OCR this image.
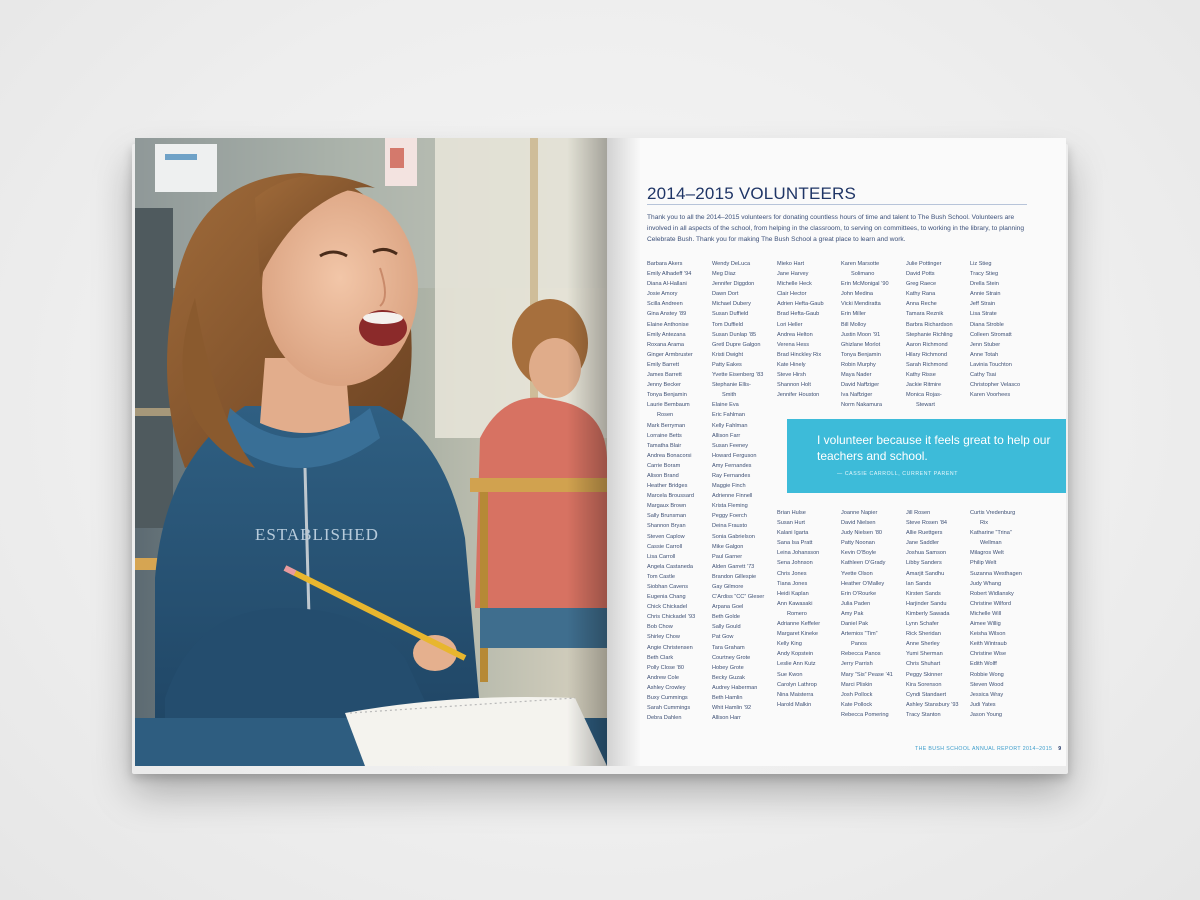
ESTABLISHED
2014–2015 VOLUNTEERS
Thank you to all the 2014–2015 volunteers for donating countless hours of time and talent to The Bush School. Volunteers are involved in all aspects of the school, from helping in the classroom, to serving on committees, to working in the library, to planning Celebrate Bush. Thank you for making The Bush School a great place to learn and work.
Barbara Akers
Emily Alhadeff ’94
Diana Al-Hallani
Josie Amory
Scilla Andreen
Gina Anstey ’89
Elaine Anthonise
Emily Antezana
Roxana Arama
Ginger Armbruster
Emily Barrett
James Barrett
Jenny Becker
Tonya Benjamin
Laurie Bembaum
Rosen
Mark Berryman
Lorraine Betts
Tamatha Blair
Andrea Bonacorsi
Carrie Boram
Alison Brand
Heather Bridges
Marcela Broussard
Margaux Brown
Sally Brunsman
Shannon Bryan
Steven Caplow
Cassie Carroll
Lisa Carroll
Angela Castaneda
Tom Castle
Siobhan Cavens
Eugenia Chang
Chick Chickadel
Chris Chickadel ’93
Bob Chow
Shirley Chow
Angie Christensen
Beth Clark
Polly Close ’80
Andrew Cole
Ashley Crowley
Buxy Cummings
Sarah Cummings
Debra Dahlen
Wendy DeLuca
Meg Diaz
Jennifer Diggdon
Dawn Dort
Michael Dubery
Susan Duffield
Tom Duffield
Susan Dunlap ’85
Gretl Dupre Galgon
Kristi Dwight
Patty Eakes
Yvette Eisenberg ’83
Stephanie Ellis-
Smith
Elaine Eva
Eric Fahlman
Kelly Fahlman
Allison Farr
Susan Feeney
Howard Ferguson
Amy Fernandes
Ray Fernandes
Maggie Finch
Adrienne Finnell
Krista Fleming
Peggy Foerch
Deina Frausto
Sonia Gabrielson
Mike Galgon
Paul Garner
Alden Garrett ’73
Brandon Gillespie
Gay Gilmore
C’Ardiss “CC” Gleser
Arpana Goel
Beth Golde
Sally Gould
Pat Gow
Tara Graham
Courtney Grote
Hobey Grote
Becky Guzak
Audrey Haberman
Beth Hamlin
Whit Hamlin ’92
Allison Harr
Mieko Hart
Jane Harvey
Michelle Heck
Clair Hector
Adrien Hefta-Gaub
Brad Hefta-Gaub
Lori Heller
Andrea Helton
Verena Hess
Brad Hinckley Rix
Kate Hinely
Steve Hirsh
Shannon Holt
Jennifer Houston
Karen Marsotte
Solimano
Erin McMonigal ’90
John Medina
Vicki Mendiratta
Erin Miller
Bill Molloy
Justin Moon ’91
Ghizlane Morlot
Tonya Benjamin
Robin Murphy
Maya Nader
David Naffziger
Iva Naffziger
Norm Nakamura
Julie Pottinger
David Potts
Greg Raece
Kathy Rana
Anna Reche
Tamara Reznik
Barbra Richardson
Stephanie Richling
Aaron Richmond
Hilary Richmond
Sarah Richmond
Kathy Risse
Jackie Ritmire
Monica Rojas-
Stewart
Liz Stieg
Tracy Stieg
Drella Stein
Annie Strain
Jeff Strain
Lisa Strate
Diana Stroble
Colleen Stromatt
Jenn Stuber
Anne Totah
Lavinia Touchton
Cathy Tsai
Christopher Velasco
Karen Voorhees
Brian Hulse
Susan Hurt
Kalani Igarta
Sana Isa Pratt
Leina Johansson
Sena Johnson
Chris Jones
Tiana Jones
Heidi Kaplan
Ann Kawasaki
Romero
Adrianne Keffeler
Margaret Kineke
Kelly King
Andy Kopstein
Leslie Ann Kutz
Sue Kwon
Carolyn Lathrop
Nina Maisterra
Harold Malkin
Joanne Napier
David Nielsen
Judy Nielsen ’80
Patty Noonan
Kevin O’Boyle
Kathleen O’Grady
Yvette Olson
Heather O’Malley
Erin O’Rourke
Julia Paden
Amy Pak
Daniel Pak
Artemios “Tim”
Panos
Rebecca Panos
Jerry Parrish
Mary “Sis” Pease ’41
Marci Pliskin
Josh Pollock
Kate Pollock
Rebecca Pomering
Jill Rosen
Steve Rosen ’84
Allie Ruettgers
Jane Saddler
Joshua Samson
Libby Sanders
Amarjit Sandhu
Ian Sands
Kirsten Sands
Harjinder Sandu
Kimberly Sawada
Lynn Schafer
Rick Sheridan
Anne Sherley
Yumi Sherman
Chris Shuhart
Peggy Skinner
Kira Sorenson
Cyndi Standaert
Ashley Stansbury ’93
Tracy Stanton
Curtis Vredenburg
Rix
Katharine “Trina”
Wellman
Milagros Welt
Philip Welt
Suzanna Westhagen
Judy Whang
Robert Widlansky
Christine Wilford
Michelle Will
Aimee Willig
Keisha Wilson
Keith Wintraub
Christine Wise
Edith Wolff
Robbie Wong
Steven Wood
Jessica Wray
Judi Yates
Jason Young
I volunteer because it feels great to help our teachers and school.
— CASSIE CARROLL, CURRENT PARENT
THE BUSH SCHOOL ANNUAL REPORT 2014–2015 9
